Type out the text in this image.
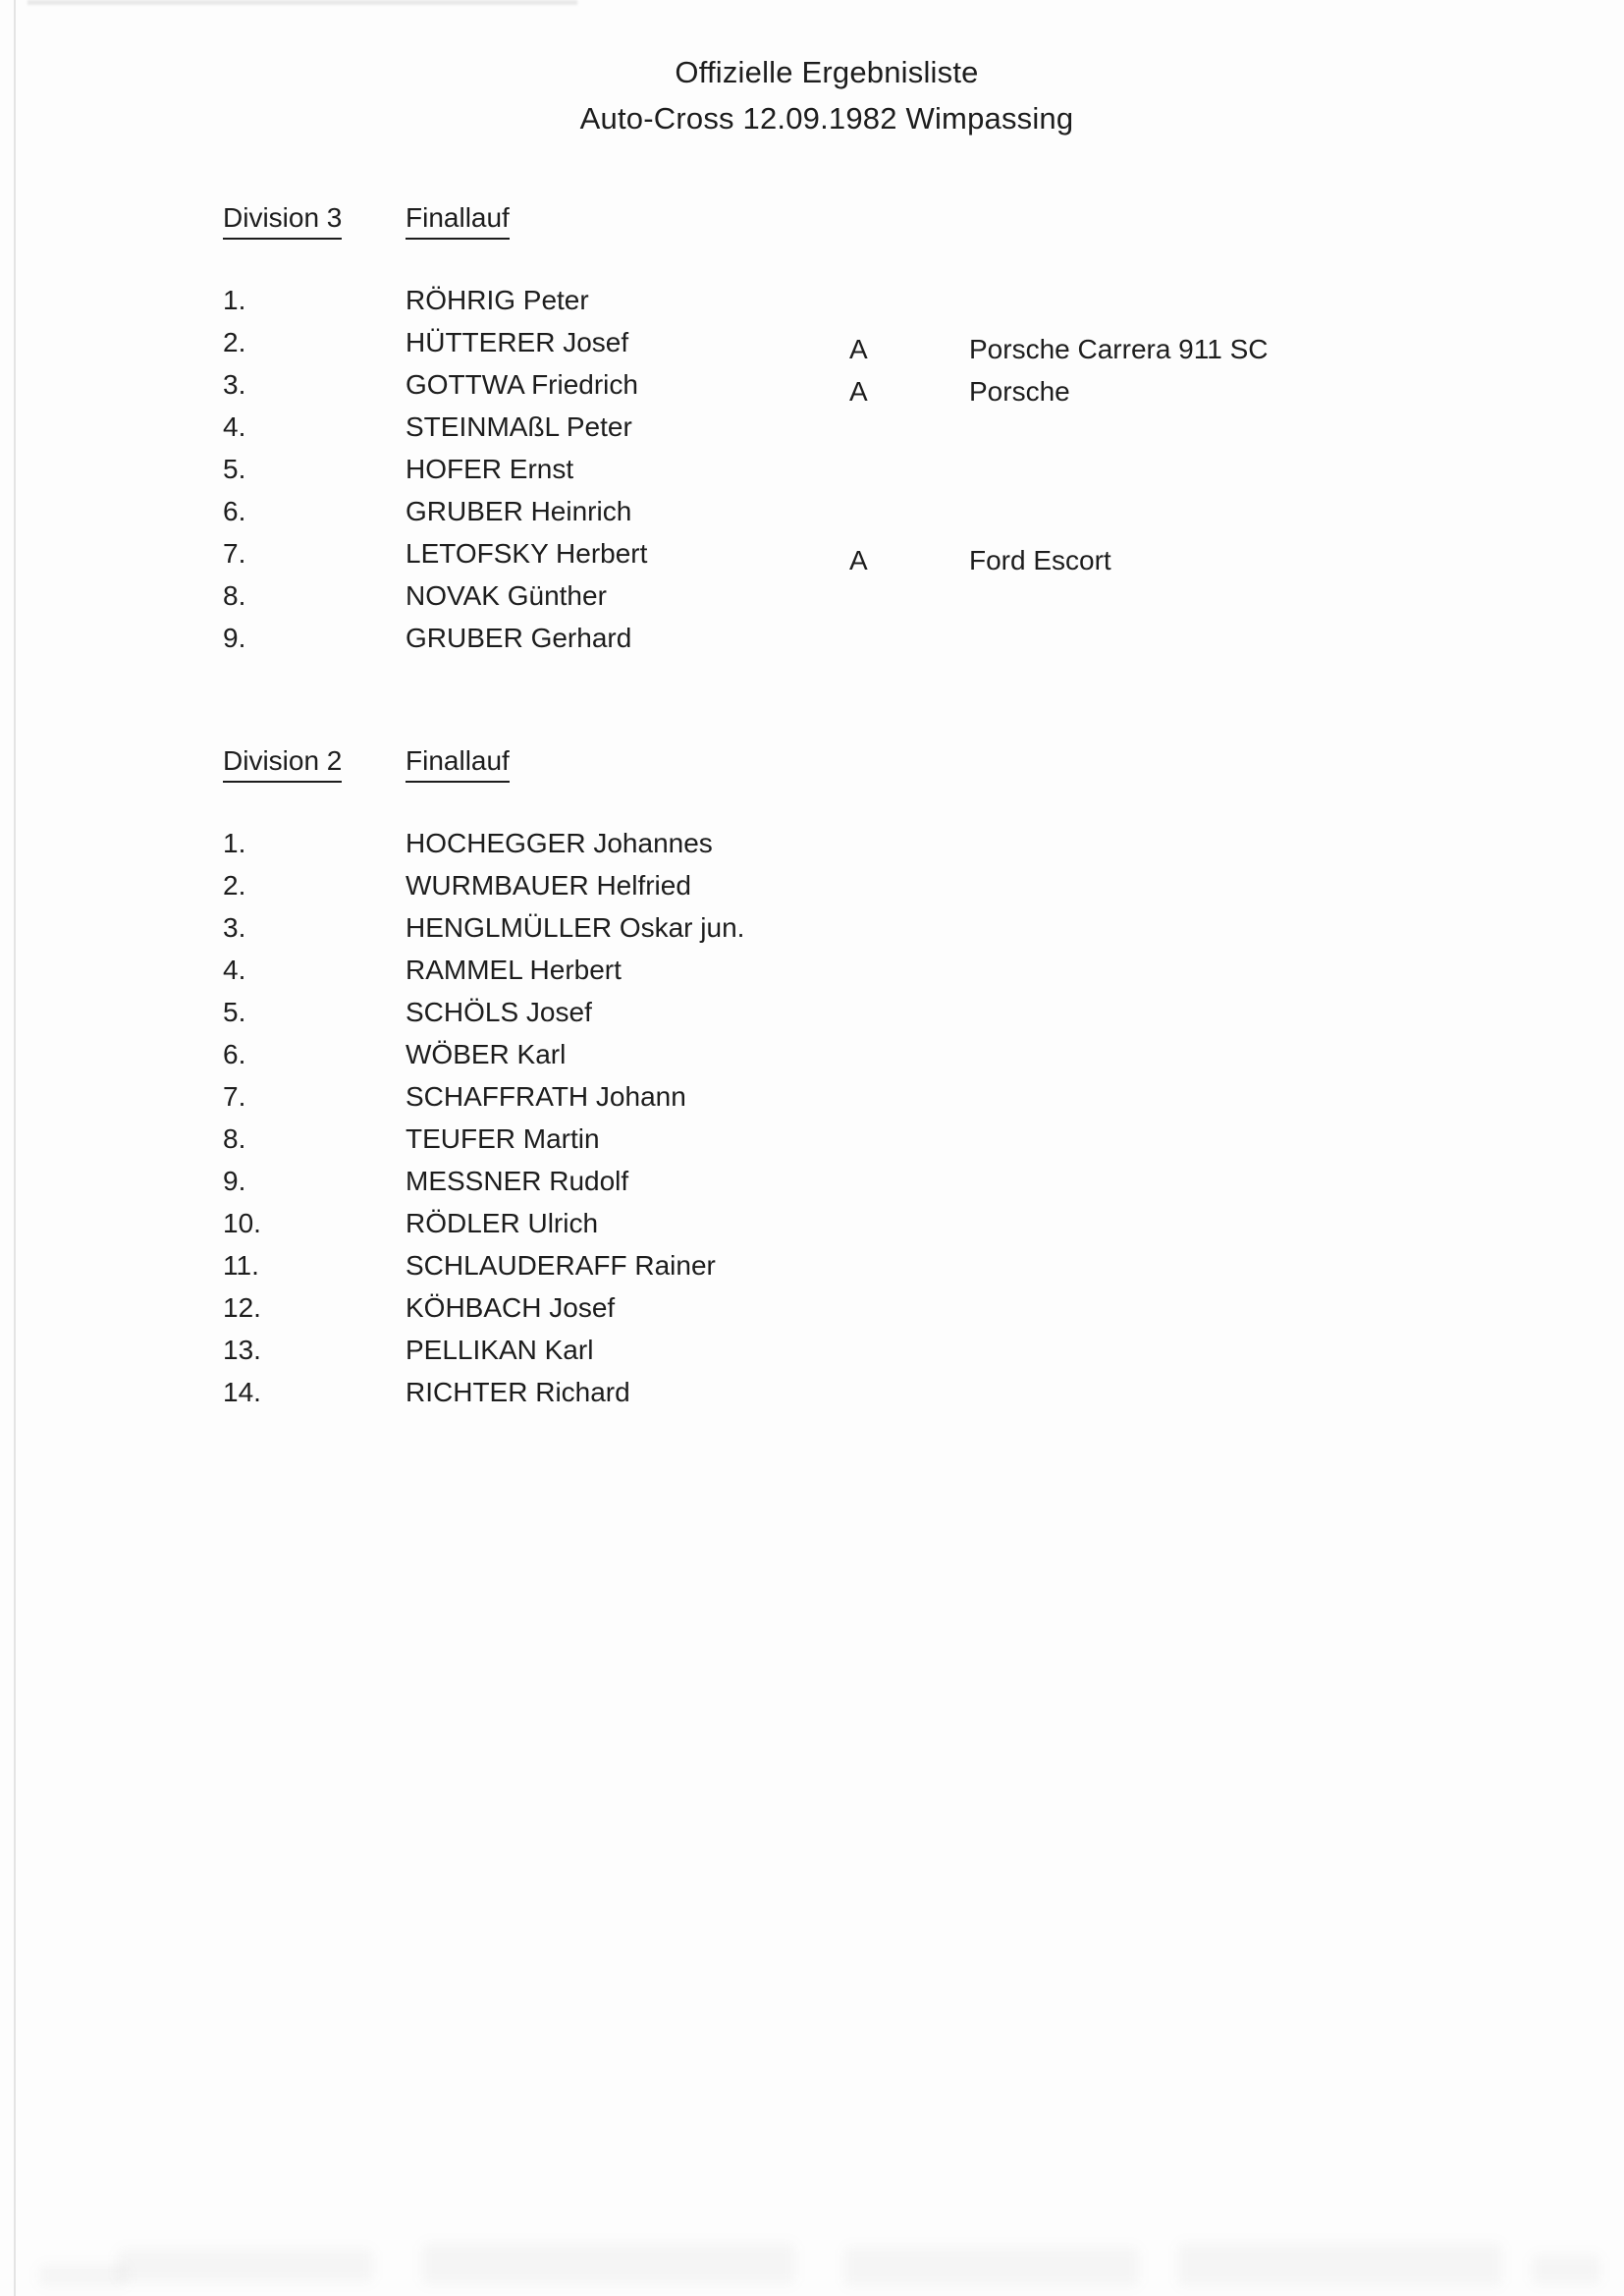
Offizielle Ergebnisliste
Auto-Cross 12.09.1982 Wimpassing
Division 3	Finallauf
1.	RÖHRIG Peter
2.	HÜTTERER Josef	A	Porsche Carrera 911 SC
3.	GOTTWA Friedrich	A	Porsche
4.	STEINMAßL Peter
5.	HOFER Ernst
6.	GRUBER Heinrich
7.	LETOFSKY Herbert	A	Ford Escort
8.	NOVAK Günther
9.	GRUBER Gerhard
Division 2	Finallauf
1.	HOCHEGGER Johannes
2.	WURMBAUER Helfried
3.	HENGLMÜLLER Oskar jun.
4.	RAMMEL Herbert
5.	SCHÖLS Josef
6.	WÖBER Karl
7.	SCHAFFRATH Johann
8.	TEUFER Martin
9.	MESSNER Rudolf
10.	RÖDLER Ulrich
11.	SCHLAUDERAFF Rainer
12.	KÖHBACH Josef
13.	PELLIKAN Karl
14.	RICHTER Richard
